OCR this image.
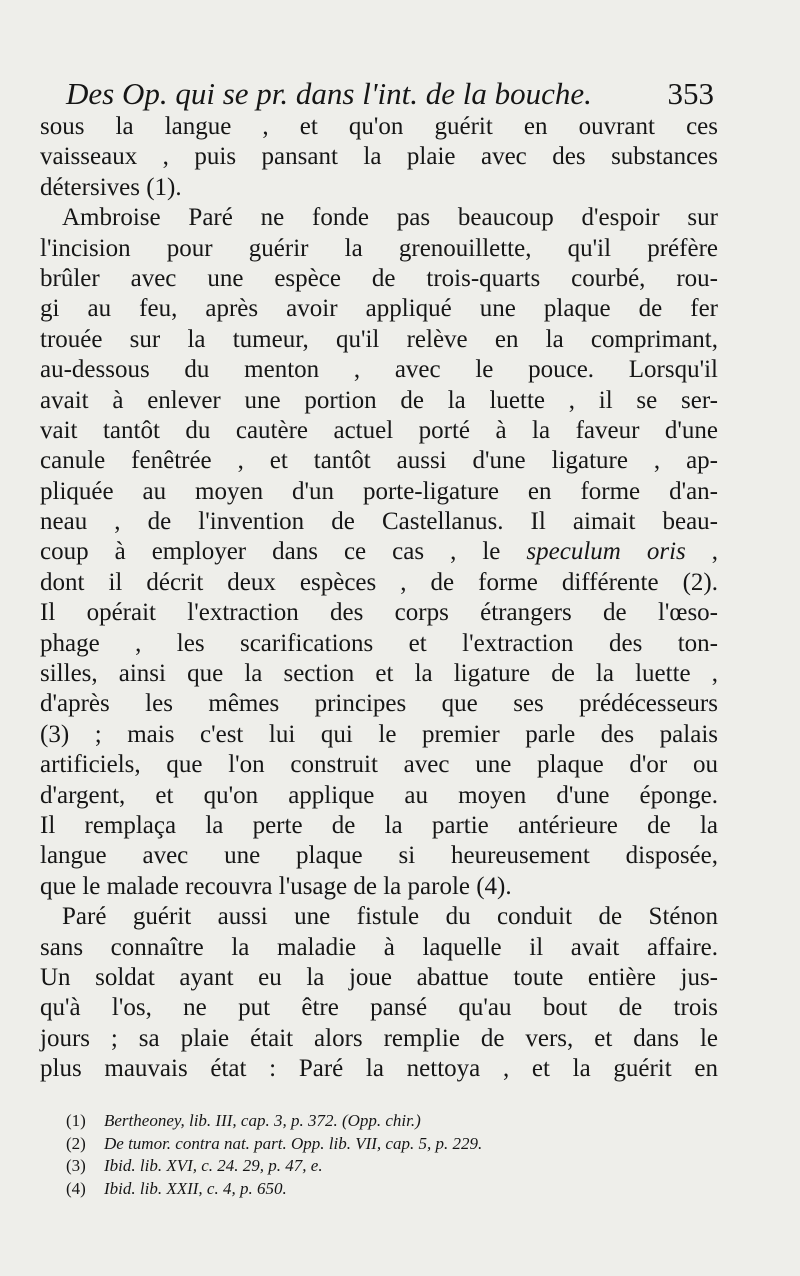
Des Op. qui se pr. dans l'int. de la bouche. 353
sous la langue , et qu'on guérit en ouvrant ces
vaisseaux , puis pansant la plaie avec des substances
détersives (1).
Ambroise Paré ne fonde pas beaucoup d'espoir sur
l'incision pour guérir la grenouillette, qu'il préfère
brûler avec une espèce de trois-quarts courbé, rou-
gi au feu, après avoir appliqué une plaque de fer
trouée sur la tumeur, qu'il relève en la comprimant,
au-dessous du menton , avec le pouce. Lorsqu'il
avait à enlever une portion de la luette , il se ser-
vait tantôt du cautère actuel porté à la faveur d'une
canule fenêtrée , et tantôt aussi d'une ligature , ap-
pliquée au moyen d'un porte-ligature en forme d'an-
neau , de l'invention de Castellanus. Il aimait beau-
coup à employer dans ce cas , le speculum oris ,
dont il décrit deux espèces , de forme différente (2).
Il opérait l'extraction des corps étrangers de l'œso-
phage , les scarifications et l'extraction des ton-
silles, ainsi que la section et la ligature de la luette ,
d'après les mêmes principes que ses prédécesseurs
(3) ; mais c'est lui qui le premier parle des palais
artificiels, que l'on construit avec une plaque d'or ou
d'argent, et qu'on applique au moyen d'une éponge.
Il remplaça la perte de la partie antérieure de la
langue avec une plaque si heureusement disposée,
que le malade recouvra l'usage de la parole (4).
Paré guérit aussi une fistule du conduit de Sténon
sans connaître la maladie à laquelle il avait affaire.
Un soldat ayant eu la joue abattue toute entière jus-
qu'à l'os, ne put être pansé qu'au bout de trois
jours ; sa plaie était alors remplie de vers, et dans le
plus mauvais état : Paré la nettoya , et la guérit en
(1) Bertheoney, lib. III, cap. 3, p. 372. (Opp. chir.)
(2) De tumor. contra nat. part. Opp. lib. VII, cap. 5, p. 229.
(3) Ibid. lib. XVI, c. 24. 29, p. 47, e.
(4) Ibid. lib. XXII, c. 4, p. 650.
